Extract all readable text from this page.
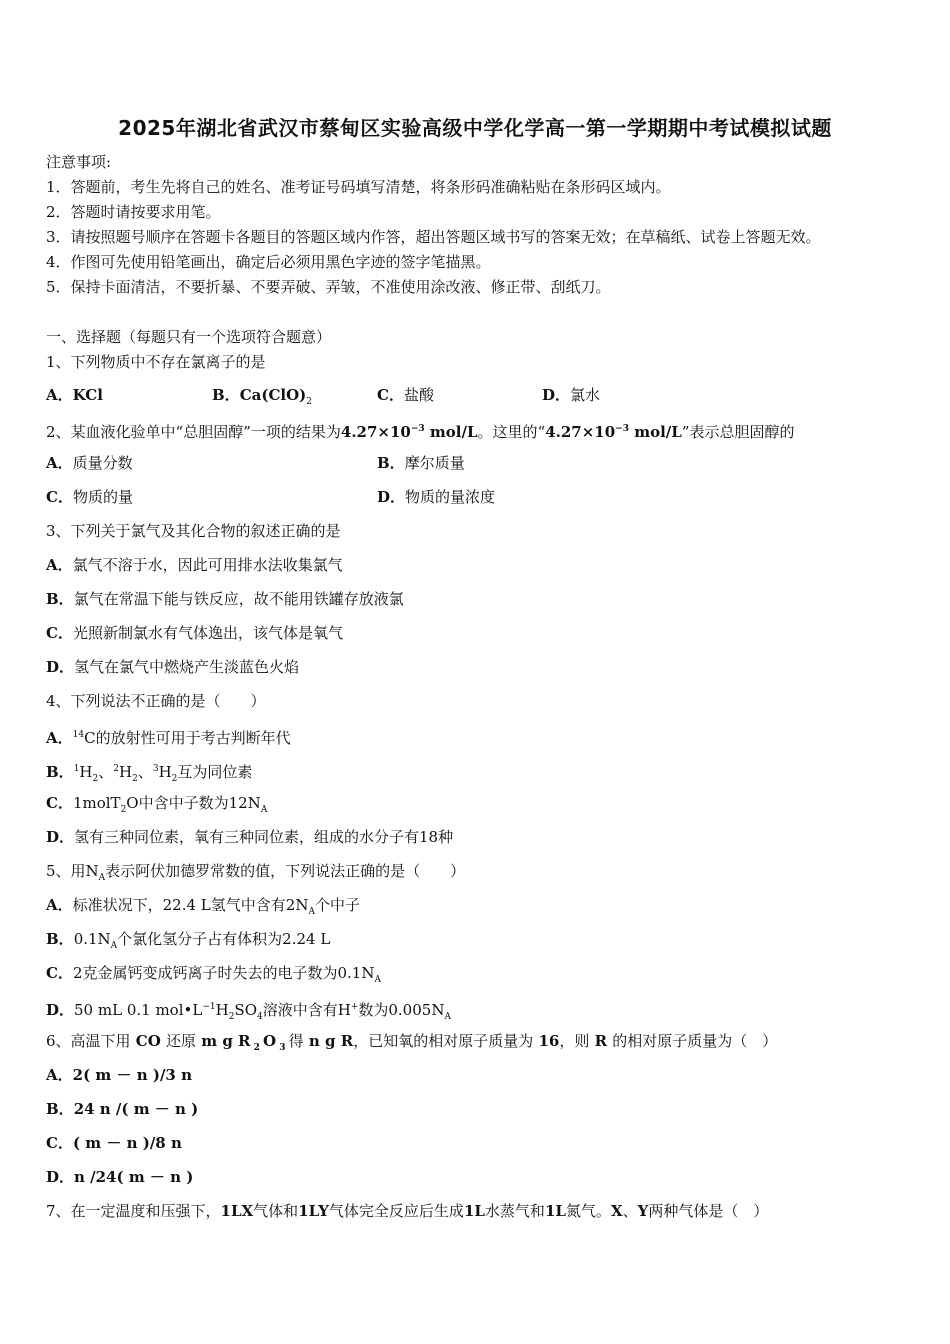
2025年湖北省武汉市蔡甸区实验高级中学化学高一第一学期期中考试模拟试题
注意事项:
1．答题前，考生先将自己的姓名、准考证号码填写清楚，将条形码准确粘贴在条形码区域内。
2．答题时请按要求用笔。
3．请按照题号顺序在答题卡各题目的答题区域内作答，超出答题区域书写的答案无效；在草稿纸、试卷上答题无效。
4．作图可先使用铅笔画出，确定后必须用黑色字迹的签字笔描黑。
5．保持卡面清洁，不要折暴、不要弄破、弄皱，不准使用涂改液、修正带、刮纸刀。
一、选择题（每题只有一个选项符合题意）
1、下列物质中不存在氯离子的是
A．KCl	B．$Ca(ClO)_2$	C．盐酸	D．氯水
2、某血液化验单中“总胆固醇”一项的结果为$4.27\times 10^{-3}$ mol/L。这里的“$4.27\times 10^{-3}$ mol/L”表示总胆固醇的
A．质量分数	B．摩尔质量
C．物质的量	D．物质的量浓度
3、下列关于氯气及其化合物的叙述正确的是
A．氯气不溶于水，因此可用排水法收集氯气
B．氯气在常温下能与铁反应，故不能用铁罐存放液氯
C．光照新制氯水有气体逸出，该气体是氧气
D．氢气在氯气中燃烧产生淡蓝色火焰
4、下列说法不正确的是（　　）
A．$^{14}$C的放射性可用于考古判断年代
B．$^1H_2$、$^2H_2$、$^3H_2$互为同位素
C．1molT$_2$O中含中子数为$12N_A$
D．氢有三种同位素，氧有三种同位素，组成的水分子有18种
5、用$N_A$表示阿伏加德罗常数的值，下列说法正确的是（　　）
A．标准状况下，22.4 L氢气中含有$2N_A$个中子
B．$0.1N_A$个氯化氢分子占有体积为2.24 L
C．2克金属钙变成钙离子时失去的电子数为$0.1N_A$
D．50 mL 0.1 $mol•L^{-1}H_2SO_4$溶液中含有H+数为$0.005N_A$
6、高温下用 CO 还原 m g R $_2$ O $_3$ 得 n g R，已知氧的相对原子质量为 16，则 R 的相对原子质量为（　）
A．2( m － n )/3 n
B．24 n /( m － n )
C．( m － n )/8 n
D．n /24( m － n )
7、在一定温度和压强下，1LX气体和1LY气体完全反应后生成1L水蒸气和1L氮气。X、Y两种气体是（　）
